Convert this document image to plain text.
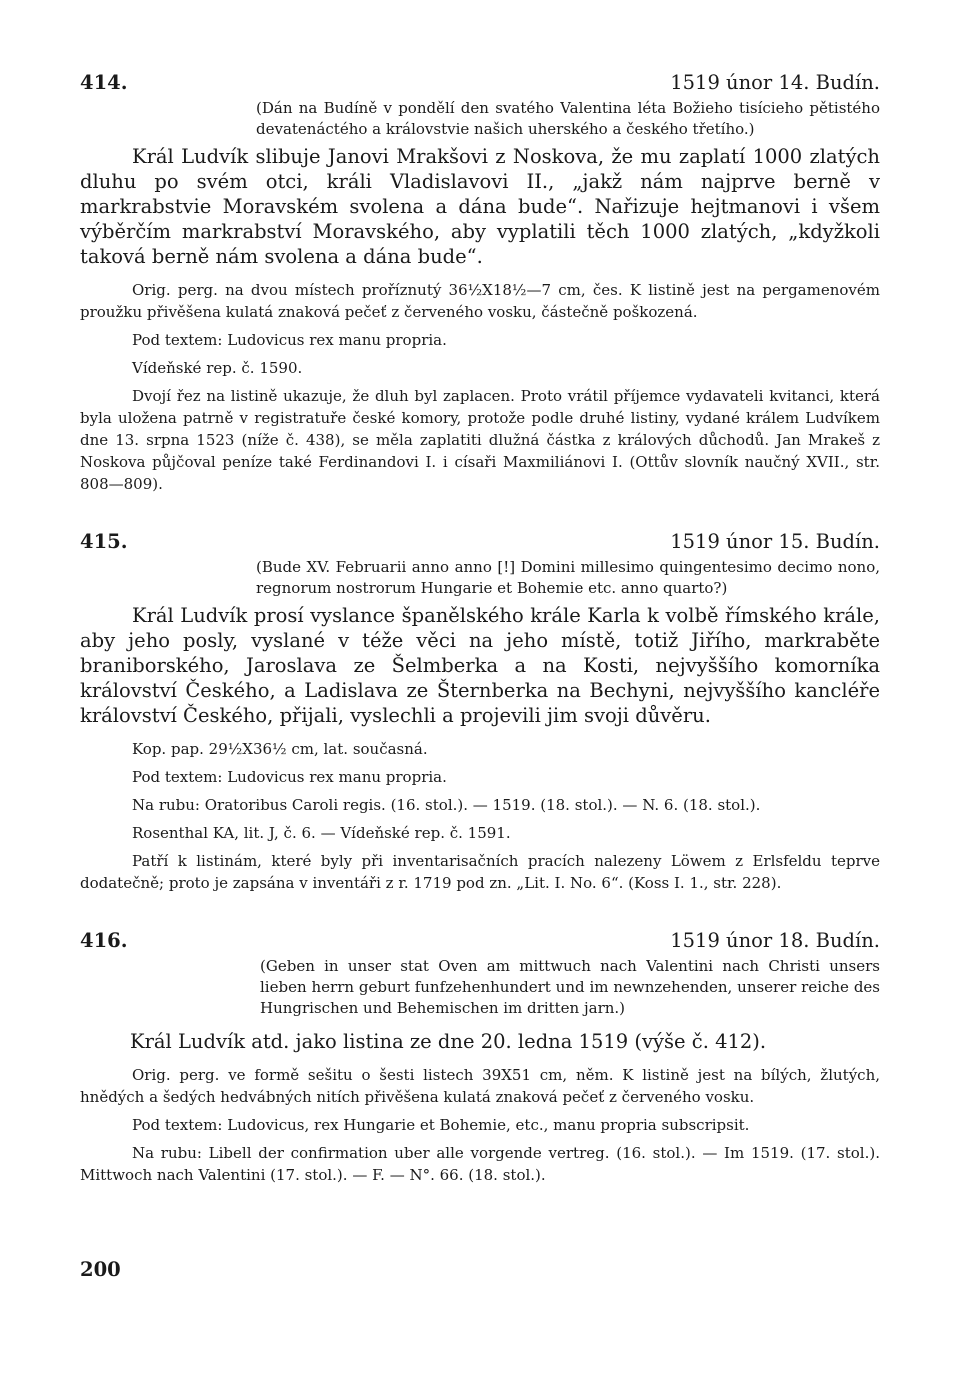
414.	1519 únor 14. Budín.
(Dán na Budíně v pondělí den svatého Valentina léta Božieho tisícieho pětistého devatenáctého a královstvie našich uherského a českého třetího.)
Král Ludvík slibuje Janovi Mrakšovi z Noskova, že mu zaplatí 1000 zlatých dluhu po svém otci, králi Vladislavovi II., „jakž nám najprve berně v markrabstvie Moravském svolena a dána bude“. Nařizuje hejtmanovi i všem výběrčím markrabství Moravského, aby vyplatili těch 1000 zlatých, „kdyžkoli taková berně nám svolena a dána bude“.
Orig. perg. na dvou místech proříznutý 36½X18½—7 cm, čes. K listině jest na pergamenovém proužku přivěšena kulatá znaková pečeť z červeného vosku, částečně poškozená.
Pod textem: Ludovicus rex manu propria.
Vídeňské rep. č. 1590.
Dvojí řez na listině ukazuje, že dluh byl zaplacen. Proto vrátil příjemce vydavateli kvitanci, která byla uložena patrně v registratuře české komory, protože podle druhé listiny, vydané králem Ludvíkem dne 13. srpna 1523 (níže č. 438), se měla zaplatiti dlužná částka z králových důchodů. Jan Mrakeš z Noskova půjčoval peníze také Ferdinandovi I. i císaři Maxmiliánovi I. (Ottův slovník naučný XVII., str. 808—809).
415.	1519 únor 15. Budín.
(Bude XV. Februarii anno anno [!] Domini millesimo quingentesimo decimo nono, regnorum nostrorum Hungarie et Bohemie etc. anno quarto?)
Král Ludvík prosí vyslance španělského krále Karla k volbě římského krále, aby jeho posly, vyslané v téže věci na jeho místě, totiž Jiřího, markraběte braniborského, Jaroslava ze Šelmberka a na Kosti, nejvyššího komorníka království Českého, a Ladislava ze Šternberka na Bechyni, nejvyššího kancléře království Českého, přijali, vyslechli a projevili jim svoji důvěru.
Kop. pap. 29½X36½ cm, lat. současná.
Pod textem: Ludovicus rex manu propria.
Na rubu: Oratoribus Caroli regis. (16. stol.). — 1519. (18. stol.). — N. 6. (18. stol.).
Rosenthal KA, lit. J, č. 6. — Vídeňské rep. č. 1591.
Patří k listinám, které byly při inventarisačních pracích nalezeny Löwem z Erlsfeldu teprve dodatečně; proto je zapsána v inventáři z r. 1719 pod zn. „Lit. I. No. 6“. (Koss I. 1., str. 228).
416.	1519 únor 18. Budín.
(Geben in unser stat Oven am mittwuch nach Valentini nach Christi unsers lieben herrn geburt funfzehenhundert und im newnzehenden, unserer reiche des Hungrischen und Behemischen im dritten jarn.)
Král Ludvík atd. jako listina ze dne 20. ledna 1519 (výše č. 412).
Orig. perg. ve formě sešitu o šesti listech 39X51 cm, něm. K listině jest na bílých, žlutých, hnědých a šedých hedvábných nitích přivěšena kulatá znaková pečeť z červeného vosku.
Pod textem: Ludovicus, rex Hungarie et Bohemie, etc., manu propria subscripsit.
Na rubu: Libell der confirmation uber alle vorgende vertreg. (16. stol.). — Im 1519. (17. stol.). Mittwoch nach Valentini (17. stol.). — F. — N°. 66. (18. stol.).
200
